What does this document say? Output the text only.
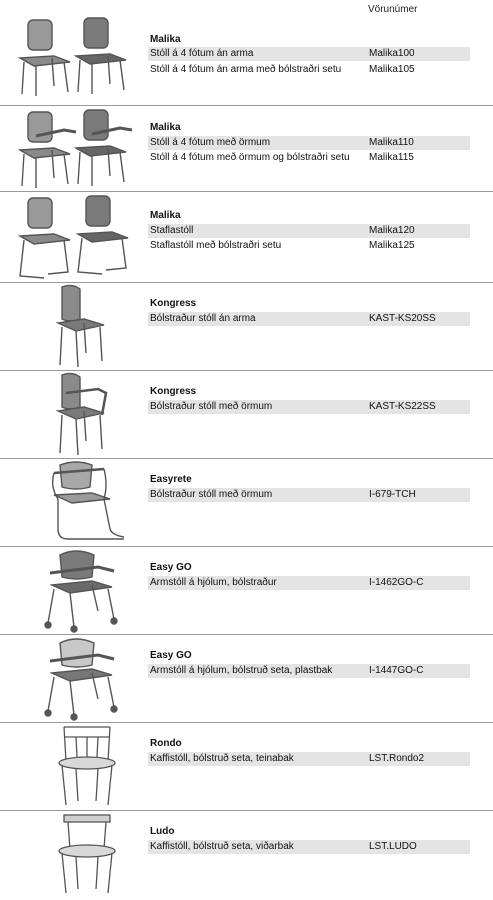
Vörunúmer
Malika
Stóll á 4 fótum án arma	Malika100
Stóll á 4 fótum án arma með bólstraðri setu	Malika105
Malika
Stóll á 4 fótum með örmum	Malika110
Stóll á 4 fótum með örmum og bólstraðri setu Malika115
Malika
Staflastóll	Malika120
Staflastóll með bólstraðri setu	Malika125
Kongress
Bólstraður stóll án arma	KAST-KS20SS
Kongress
Bólstraður stóll með örmum	KAST-KS22SS
Easyrete
Bólstraður stóll með örmum	I-679-TCH
Easy GO
Armstóll á hjólum, bólstraður	I-1462GO-C
Easy GO
Armstóll á hjólum, bólstruð seta, plastbak	I-1447GO-C
Rondo
Kaffistóll, bólstruð seta, teinabak	LST.Rondo2
Ludo
Kaffistóll, bólstruð seta, viðarbak	LST.LUDO
